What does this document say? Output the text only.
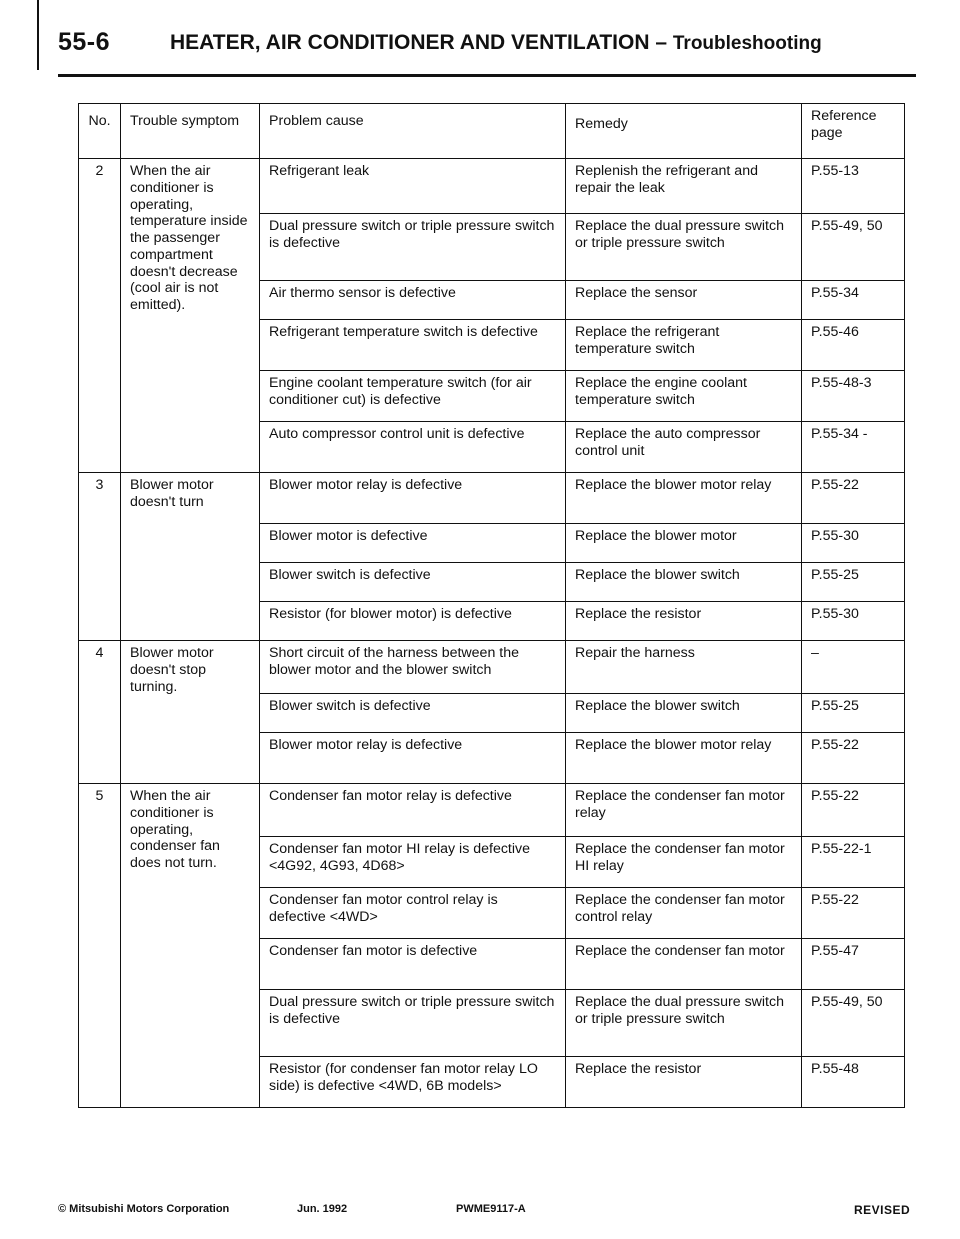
55-6	HEATER, AIR CONDITIONER AND VENTILATION – Troubleshooting
No.	Trouble symptom	Problem cause	Remedy	Reference page
2	When the air conditioner is operating, temperature inside the passenger compartment doesn't decrease (cool air is not emitted).	Refrigerant leak	Replenish the refrigerant and repair the leak	P.55-13
		Dual pressure switch or triple pressure switch is defective	Replace the dual pressure switch or triple pressure switch	P.55-49, 50
		Air thermo sensor is defective	Replace the sensor	P.55-34
		Refrigerant temperature switch is defective	Replace the refrigerant temperature switch	P.55-46
		Engine coolant temperature switch (for air conditioner cut) is defective	Replace the engine coolant temperature switch	P.55-48-3
		Auto compressor control unit is defective	Replace the auto compressor control unit	P.55-34 -
3	Blower motor doesn't turn	Blower motor relay is defective	Replace the blower motor relay	P.55-22
		Blower motor is defective	Replace the blower motor	P.55-30
		Blower switch is defective	Replace the blower switch	P.55-25
		Resistor (for blower motor) is defective	Replace the resistor	P.55-30
4	Blower motor doesn't stop turning.	Short circuit of the harness between the blower motor and the blower switch	Repair the harness	–
		Blower switch is defective	Replace the blower switch	P.55-25
		Blower motor relay is defective	Replace the blower motor relay	P.55-22
5	When the air conditioner is operating, condenser fan does not turn.	Condenser fan motor relay is defective	Replace the condenser fan motor relay	P.55-22
		Condenser fan motor HI relay is defective <4G92, 4G93, 4D68>	Replace the condenser fan motor HI relay	P.55-22-1
		Condenser fan motor control relay is defective <4WD>	Replace the condenser fan motor control relay	P.55-22
		Condenser fan motor is defective	Replace the condenser fan motor	P.55-47
		Dual pressure switch or triple pressure switch is defective	Replace the dual pressure switch or triple pressure switch	P.55-49, 50
		Resistor (for condenser fan motor relay LO side) is defective <4WD, 6B models>	Replace the resistor	P.55-48
© Mitsubishi Motors Corporation	Jun. 1992	PWME9117-A	REVISED
